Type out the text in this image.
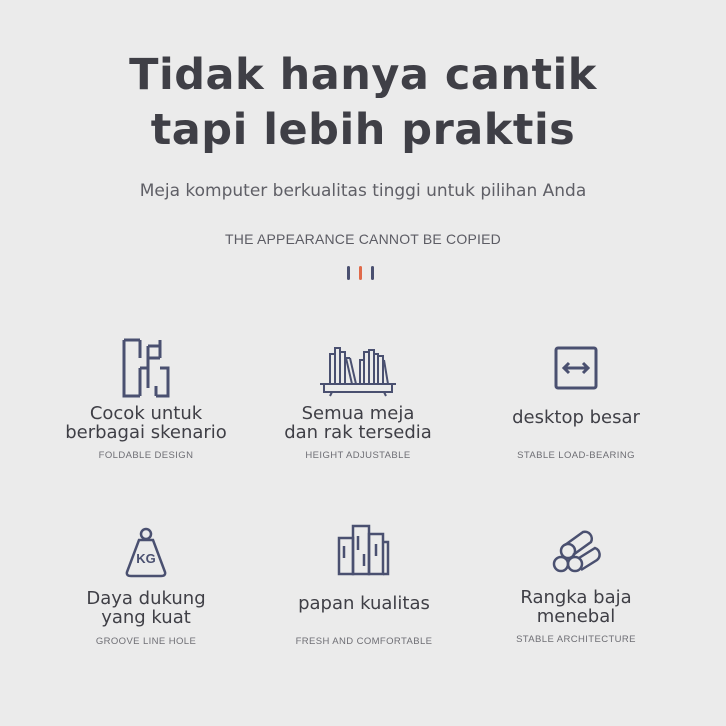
Tidak hanya cantik
tapi lebih praktis
Meja komputer berkualitas tinggi untuk pilihan Anda
THE APPEARANCE CANNOT BE COPIED
Cocok untuk
berbagai skenario
FOLDABLE DESIGN
Semua meja
dan rak tersedia
HEIGHT ADJUSTABLE
desktop besar
STABLE LOAD-BEARING
KG
Daya dukung
yang kuat
GROOVE LINE HOLE
papan kualitas
FRESH AND COMFORTABLE
Rangka baja
menebal
STABLE ARCHITECTURE
